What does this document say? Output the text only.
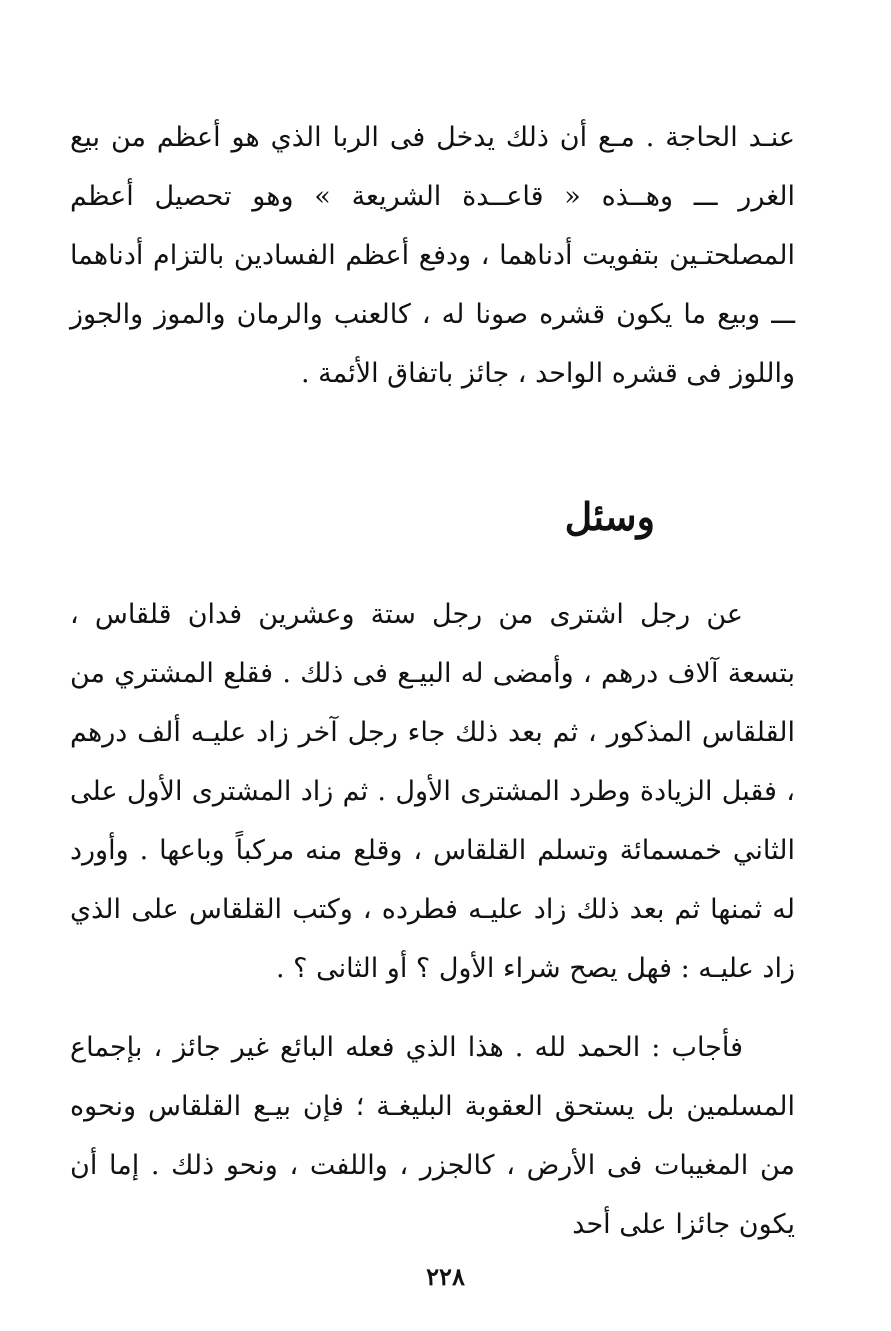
عنـد الحاجة . مـع أن ذلك يدخل فى الربا الذي هو أعظم من بيع الغرر ـــ وهــذه « قاعــدة الشريعة » وهو تحصيل أعظم المصلحتـين بتفويت أدناهما ، ودفع أعظم الفسادين بالتزام أدناهما ـــ وبيع ما يكون قشره صونا له ، كالعنب والرمان والموز والجوز واللوز فى قشره الواحد ، جائز باتفاق الأئمة .

وسئل

عن رجل اشترى من رجل ستة وعشرين فدان قلقاس ، بتسعة آلاف درهم ، وأمضى له البيـع فى ذلك . فقلع المشتري من القلقاس المذكور ، ثم بعد ذلك جاء رجل آخر زاد عليـه ألف درهم ، فقبل الزيادة وطرد المشترى الأول . ثم زاد المشترى الأول على الثاني خمسمائة وتسلم القلقاس ، وقلع منه مركباً وباعها . وأورد له ثمنها ثم بعد ذلك زاد عليـه فطرده ، وكتب القلقاس على الذي زاد عليـه : فهل يصح شراء الأول ؟ أو الثانى ؟ .

فأجاب : الحمد لله . هذا الذي فعله البائع غير جائز ، بإجماع المسلمين بل يستحق العقوبة البليغـة ؛ فإن بيـع القلقاس ونحوه من المغيبات فى الأرض ، كالجزر ، واللفت ، ونحو ذلك . إما أن يكون جائزا على أحد

٢٢٨
